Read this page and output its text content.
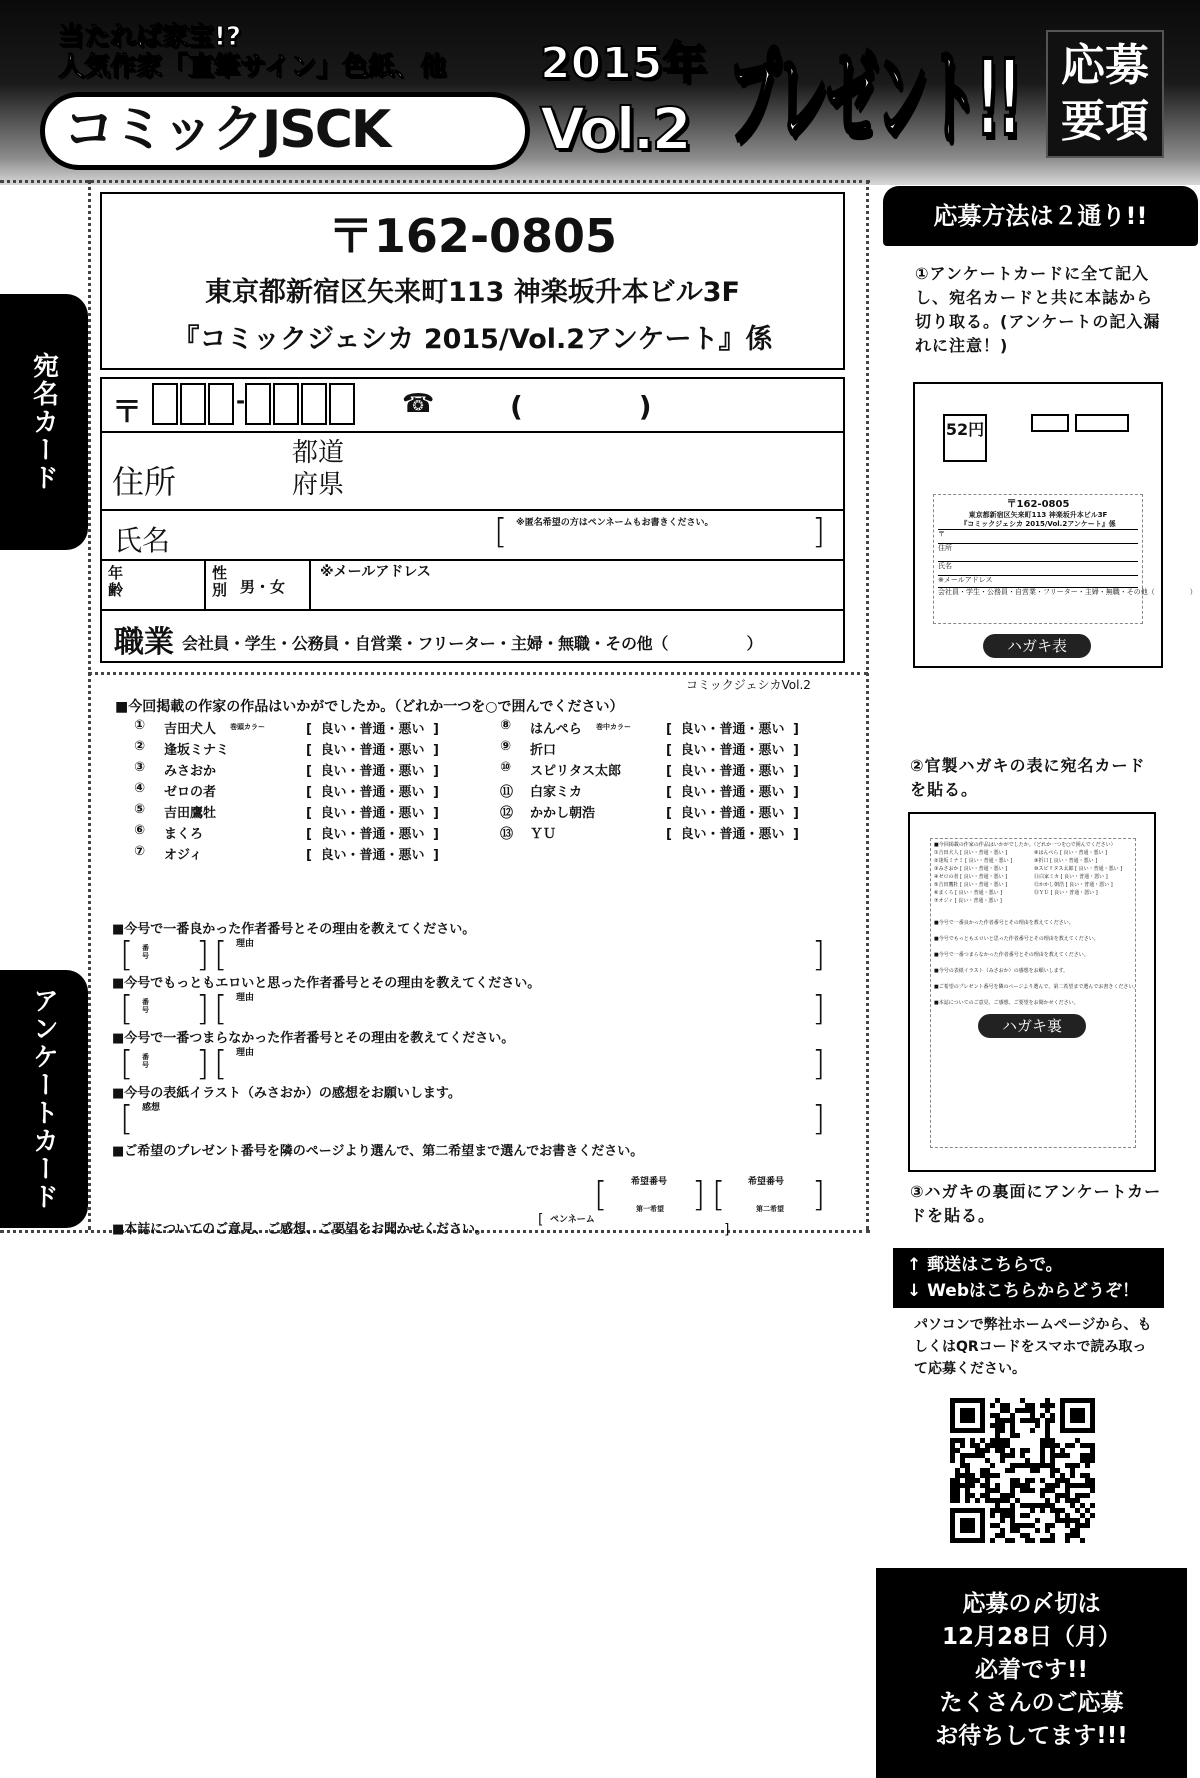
当たれば家宝!?
人気作家「直筆サイン」色紙、他
コミックJSCK
2015年
Vol.2 プレゼント!! 応募要項
宛名カード
アンケートカード
〒162-0805
東京都新宿区矢来町113 神楽坂升本ビル3F
『コミックジェシカ 2015/Vol.2アンケート』係
〒	-	☎	(　　)
住所
都道
府県
氏名	[ ※匿名希望の方はペンネームもお書きください。	]
年齢
性別 男・女
※メールアドレス
職業 会社員・学生・公務員・自営業・フリーター・主婦・無職・その他（　　　　　）
コミックジェシカVol.2
■今回掲載の作家の作品はいかがでしたか。（どれか一つを○で囲んでください）
① 吉田犬人 巻頭カラー	[ 良い・普通・悪い ]
② 逢坂ミナミ	[ 良い・普通・悪い ]
③ みさおか	[ 良い・普通・悪い ]
④ ゼロの者	[ 良い・普通・悪い ]
⑤ 吉田鷹牡	[ 良い・普通・悪い ]
⑥ まくろ	[ 良い・普通・悪い ]
⑦ オジィ	[ 良い・普通・悪い ]
⑧ はんぺら 巻中カラー	[ 良い・普通・悪い ]
⑨ 折口	[ 良い・普通・悪い ]
⑩ スピリタス太郎	[ 良い・普通・悪い ]
⑪ 白家ミカ	[ 良い・普通・悪い ]
⑫ かかし朝浩	[ 良い・普通・悪い ]
⑬ ＹＵ	[ 良い・普通・悪い ]
■今号で一番良かった作者番号とその理由を教えてください。
[ 番号 ] [ 理由	]
■今号でもっともエロいと思った作者番号とその理由を教えてください。
[ 番号 ] [ 理由	]
■今号で一番つまらなかった作者番号とその理由を教えてください。
[ 番号 ] [ 理由	]
■今号の表紙イラスト（みさおか）の感想をお願いします。
[ 感想	]
■ご希望のプレゼント番号を隣のページより選んで、第二希望まで選んでお書きください。
[	希望番号
第一希望 ] [	希望番号
第二希望 ]
■本誌についてのご意見、ご感想、ご要望をお聞かせください。
[ ペンネーム
]
応募方法は２通り!!
①アンケートカードに全て記入し、宛名カードと共に本誌から切り取る。(アンケートの記入漏れに注意！)
52円
〒162-0805
東京都新宿区矢来町113 神楽坂升本ビル3F
『コミックジェシカ 2015/Vol.2アンケート』係
〒
住所
氏名
※メールアドレス
会社員・学生・公務員・自営業・フリーター・主婦・無職・その他（　　　　　）
ハガキ表
②官製ハガキの表に宛名カードを貼る。
■今回掲載の作家の作品はいかがでしたか。（どれか一つを○で囲んでください）
①吉田犬人 [ 良い・普通・悪い ]
②逢坂ミナミ [ 良い・普通・悪い ]
③みさおか [ 良い・普通・悪い ]
④ゼロの者 [ 良い・普通・悪い ]
⑤吉田鷹牡 [ 良い・普通・悪い ]
⑥まくろ [ 良い・普通・悪い ]
⑦オジィ [ 良い・普通・悪い ]
⑧はんぺら [ 良い・普通・悪い ]
⑨折口 [ 良い・普通・悪い ]
⑩スピリタス太郎 [ 良い・普通・悪い ]
⑪白家ミカ [ 良い・普通・悪い ]
⑫かかし朝浩 [ 良い・普通・悪い ]
⑬ＹＵ [ 良い・普通・悪い ]
■今号で一番良かった作者番号とその理由を教えてください。
■今号でもっともエロいと思った作者番号とその理由を教えてください。
■今号で一番つまらなかった作者番号とその理由を教えてください。
■今号の表紙イラスト（みさおか）の感想をお願いします。
■ご希望のプレゼント番号を隣のページより選んで、第二希望まで選んでお書きください。
■本誌についてのご意見、ご感想、ご要望をお聞かせください。
ハガキ裏
③ハガキの裏面にアンケートカードを貼る。
↑ 郵送はこちらで。
↓ Webはこちらからどうぞ！
パソコンで弊社ホームページから、もしくはQRコードをスマホで読み取って応募ください。
応募の〆切は
12月28日（月）
必着です!!
たくさんのご応募
お待ちしてます!!!
